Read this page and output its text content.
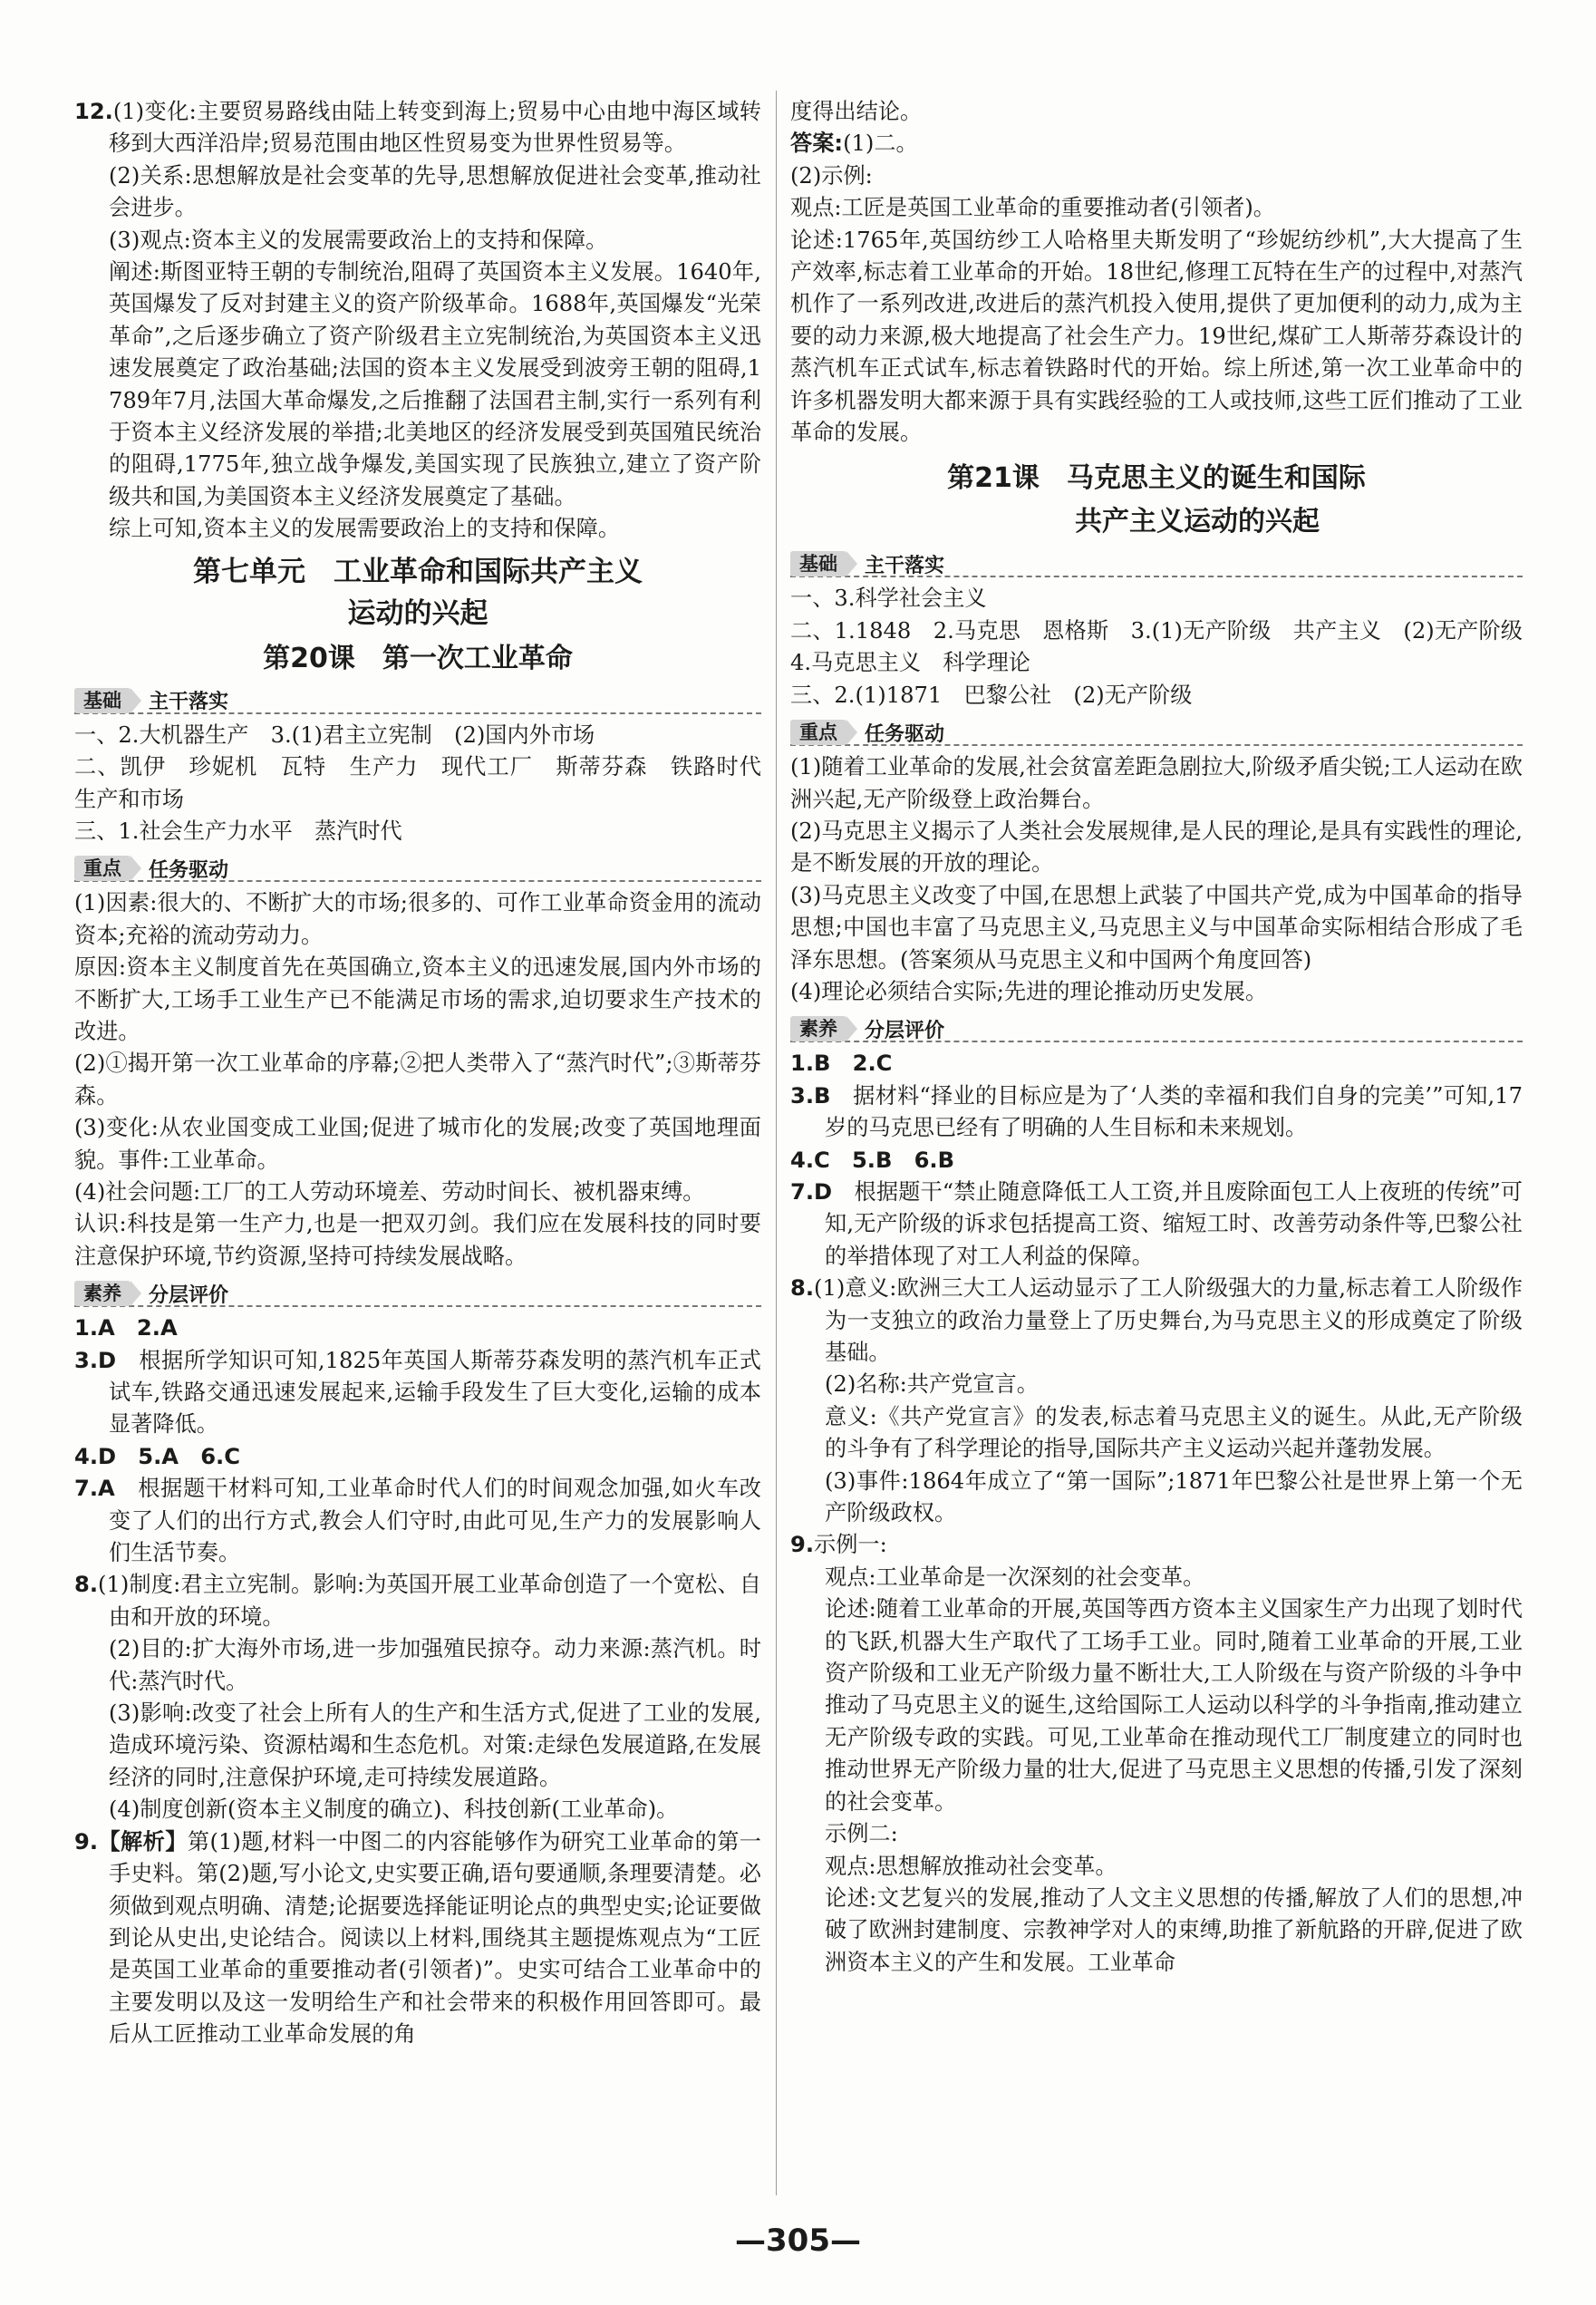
12.(1)变化:主要贸易路线由陆上转变到海上;贸易中心由地中海区域转移到大西洋沿岸;贸易范围由地区性贸易变为世界性贸易等。

(2)关系:思想解放是社会变革的先导,思想解放促进社会变革,推动社会进步。

(3)观点:资本主义的发展需要政治上的支持和保障。

阐述:斯图亚特王朝的专制统治,阻碍了英国资本主义发展。1640年,英国爆发了反对封建主义的资产阶级革命。1688年,英国爆发“光荣革命”,之后逐步确立了资产阶级君主立宪制统治,为英国资本主义迅速发展奠定了政治基础;法国的资本主义发展受到波旁王朝的阻碍,1789年7月,法国大革命爆发,之后推翻了法国君主制,实行一系列有利于资本主义经济发展的举措;北美地区的经济发展受到英国殖民统治的阻碍,1775年,独立战争爆发,美国实现了民族独立,建立了资产阶级共和国,为美国资本主义经济发展奠定了基础。

综上可知,资本主义的发展需要政治上的支持和保障。

第七单元　工业革命和国际共产主义
运动的兴起
第20课　第一次工业革命
基础	主干落实

一、2.大机器生产　3.(1)君主立宪制　(2)国内外市场

二、凯伊　珍妮机　瓦特　生产力　现代工厂　斯蒂芬森　铁路时代　生产和市场

三、1.社会生产力水平　蒸汽时代

重点	任务驱动

(1)因素:很大的、不断扩大的市场;很多的、可作工业革命资金用的流动资本;充裕的流动劳动力。

原因:资本主义制度首先在英国确立,资本主义的迅速发展,国内外市场的不断扩大,工场手工业生产已不能满足市场的需求,迫切要求生产技术的改进。

(2)①揭开第一次工业革命的序幕;②把人类带入了“蒸汽时代”;③斯蒂芬森。

(3)变化:从农业国变成工业国;促进了城市化的发展;改变了英国地理面貌。事件:工业革命。

(4)社会问题:工厂的工人劳动环境差、劳动时间长、被机器束缚。

认识:科技是第一生产力,也是一把双刃剑。我们应在发展科技的同时要注意保护环境,节约资源,坚持可持续发展战略。

素养	分层评价

1.A　2.A

3.D　根据所学知识可知,1825年英国人斯蒂芬森发明的蒸汽机车正式试车,铁路交通迅速发展起来,运输手段发生了巨大变化,运输的成本显著降低。

4.D　5.A　6.C

7.A　根据题干材料可知,工业革命时代人们的时间观念加强,如火车改变了人们的出行方式,教会人们守时,由此可见,生产力的发展影响人们生活节奏。

8.(1)制度:君主立宪制。影响:为英国开展工业革命创造了一个宽松、自由和开放的环境。

(2)目的:扩大海外市场,进一步加强殖民掠夺。动力来源:蒸汽机。时代:蒸汽时代。

(3)影响:改变了社会上所有人的生产和生活方式,促进了工业的发展,造成环境污染、资源枯竭和生态危机。对策:走绿色发展道路,在发展经济的同时,注意保护环境,走可持续发展道路。

(4)制度创新(资本主义制度的确立)、科技创新(工业革命)。

9.【解析】第(1)题,材料一中图二的内容能够作为研究工业革命的第一手史料。第(2)题,写小论文,史实要正确,语句要通顺,条理要清楚。必须做到观点明确、清楚;论据要选择能证明论点的典型史实;论证要做到论从史出,史论结合。阅读以上材料,围绕其主题提炼观点为“工匠是英国工业革命的重要推动者(引领者)”。史实可结合工业革命中的主要发明以及这一发明给生产和社会带来的积极作用回答即可。最后从工匠推动工业革命发展的角

度得出结论。

答案:(1)二。

(2)示例:

观点:工匠是英国工业革命的重要推动者(引领者)。

论述:1765年,英国纺纱工人哈格里夫斯发明了“珍妮纺纱机”,大大提高了生产效率,标志着工业革命的开始。18世纪,修理工瓦特在生产的过程中,对蒸汽机作了一系列改进,改进后的蒸汽机投入使用,提供了更加便利的动力,成为主要的动力来源,极大地提高了社会生产力。19世纪,煤矿工人斯蒂芬森设计的蒸汽机车正式试车,标志着铁路时代的开始。综上所述,第一次工业革命中的许多机器发明大都来源于具有实践经验的工人或技师,这些工匠们推动了工业革命的发展。

第21课　马克思主义的诞生和国际
共产主义运动的兴起
基础	主干落实

一、3.科学社会主义

二、1.1848　2.马克思　恩格斯　3.(1)无产阶级　共产主义　(2)无产阶级　4.马克思主义　科学理论

三、2.(1)1871　巴黎公社　(2)无产阶级

重点	任务驱动

(1)随着工业革命的发展,社会贫富差距急剧拉大,阶级矛盾尖锐;工人运动在欧洲兴起,无产阶级登上政治舞台。

(2)马克思主义揭示了人类社会发展规律,是人民的理论,是具有实践性的理论,是不断发展的开放的理论。

(3)马克思主义改变了中国,在思想上武装了中国共产党,成为中国革命的指导思想;中国也丰富了马克思主义,马克思主义与中国革命实际相结合形成了毛泽东思想。(答案须从马克思主义和中国两个角度回答)

(4)理论必须结合实际;先进的理论推动历史发展。

素养	分层评价

1.B　2.C

3.B　据材料“择业的目标应是为了‘人类的幸福和我们自身的完美’”可知,17岁的马克思已经有了明确的人生目标和未来规划。

4.C　5.B　6.B

7.D　根据题干“禁止随意降低工人工资,并且废除面包工人上夜班的传统”可知,无产阶级的诉求包括提高工资、缩短工时、改善劳动条件等,巴黎公社的举措体现了对工人利益的保障。

8.(1)意义:欧洲三大工人运动显示了工人阶级强大的力量,标志着工人阶级作为一支独立的政治力量登上了历史舞台,为马克思主义的形成奠定了阶级基础。

(2)名称:共产党宣言。

意义:《共产党宣言》的发表,标志着马克思主义的诞生。从此,无产阶级的斗争有了科学理论的指导,国际共产主义运动兴起并蓬勃发展。

(3)事件:1864年成立了“第一国际”;1871年巴黎公社是世界上第一个无产阶级政权。

9.示例一:

观点:工业革命是一次深刻的社会变革。

论述:随着工业革命的开展,英国等西方资本主义国家生产力出现了划时代的飞跃,机器大生产取代了工场手工业。同时,随着工业革命的开展,工业资产阶级和工业无产阶级力量不断壮大,工人阶级在与资产阶级的斗争中推动了马克思主义的诞生,这给国际工人运动以科学的斗争指南,推动建立无产阶级专政的实践。可见,工业革命在推动现代工厂制度建立的同时也推动世界无产阶级力量的壮大,促进了马克思主义思想的传播,引发了深刻的社会变革。

示例二:

观点:思想解放推动社会变革。

论述:文艺复兴的发展,推动了人文主义思想的传播,解放了人们的思想,冲破了欧洲封建制度、宗教神学对人的束缚,助推了新航路的开辟,促进了欧洲资本主义的产生和发展。工业革命

—305—
